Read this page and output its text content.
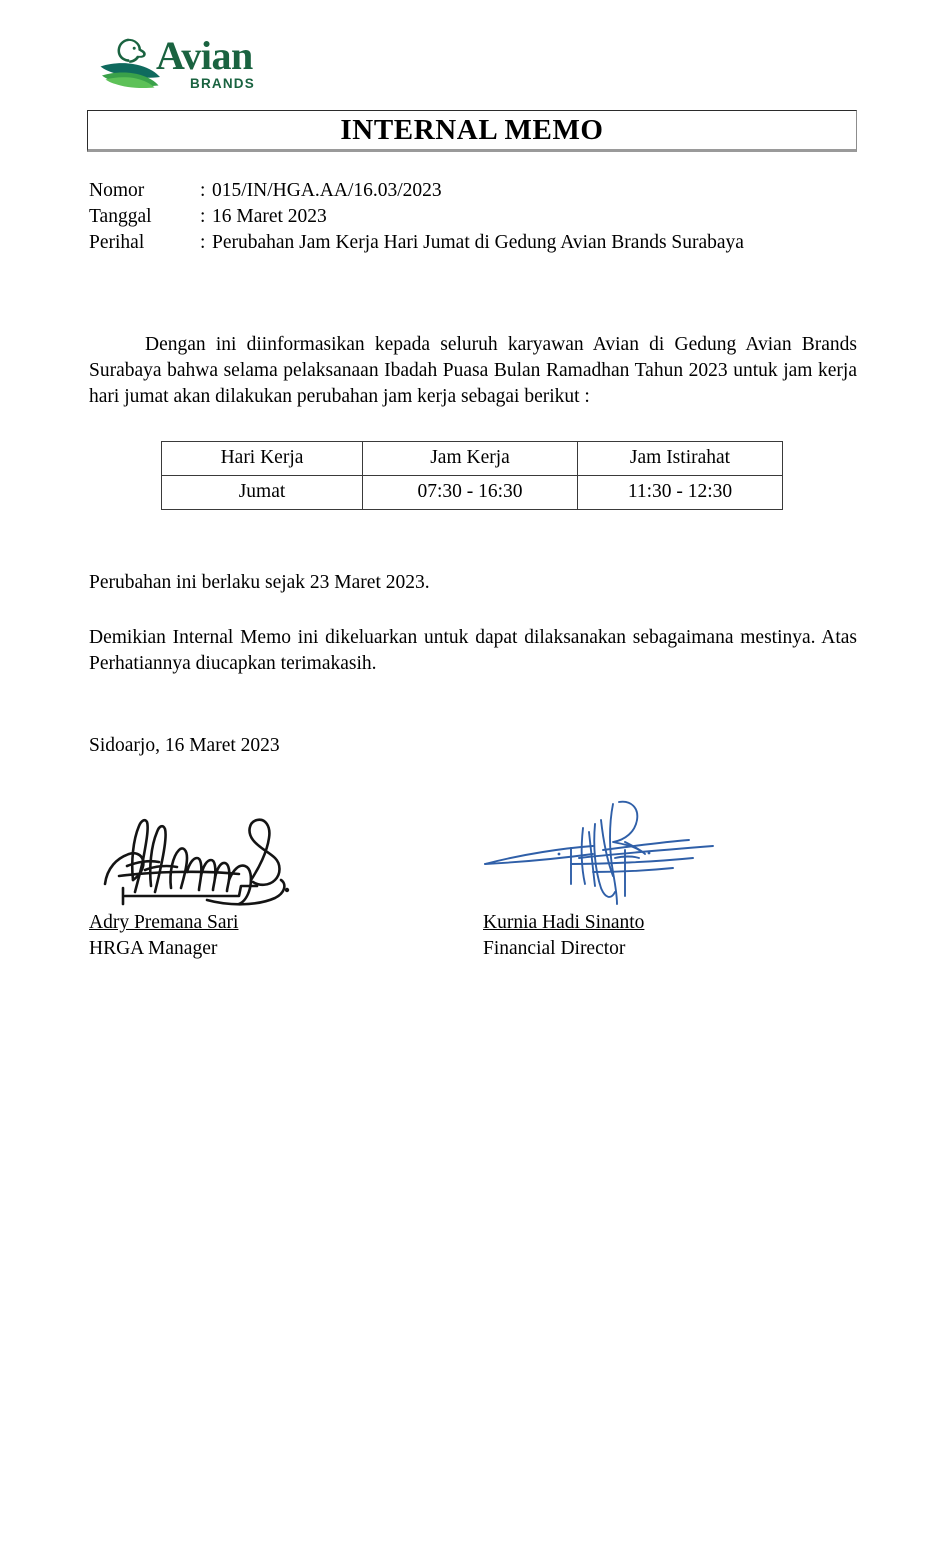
Avian
BRANDS
INTERNAL MEMO
Nomor	: 015/IN/HGA.AA/16.03/2023
Tanggal	: 16 Maret 2023
Perihal	: Perubahan Jam Kerja Hari Jumat di Gedung Avian Brands Surabaya

Dengan ini diinformasikan kepada seluruh karyawan Avian di Gedung Avian Brands Surabaya bahwa selama pelaksanaan Ibadah Puasa Bulan Ramadhan Tahun 2023 untuk jam kerja hari jumat akan dilakukan perubahan jam kerja sebagai berikut :

Hari Kerja	Jam Kerja	Jam Istirahat
Jumat	07:30 - 16:30	11:30 - 12:30

Perubahan ini berlaku sejak 23 Maret 2023.

Demikian Internal Memo ini dikeluarkan untuk dapat dilaksanakan sebagaimana mestinya. Atas Perhatiannya diucapkan terimakasih.

Sidoarjo, 16 Maret 2023
Adry Premana Sari
HRGA Manager
Kurnia Hadi Sinanto
Financial Director
